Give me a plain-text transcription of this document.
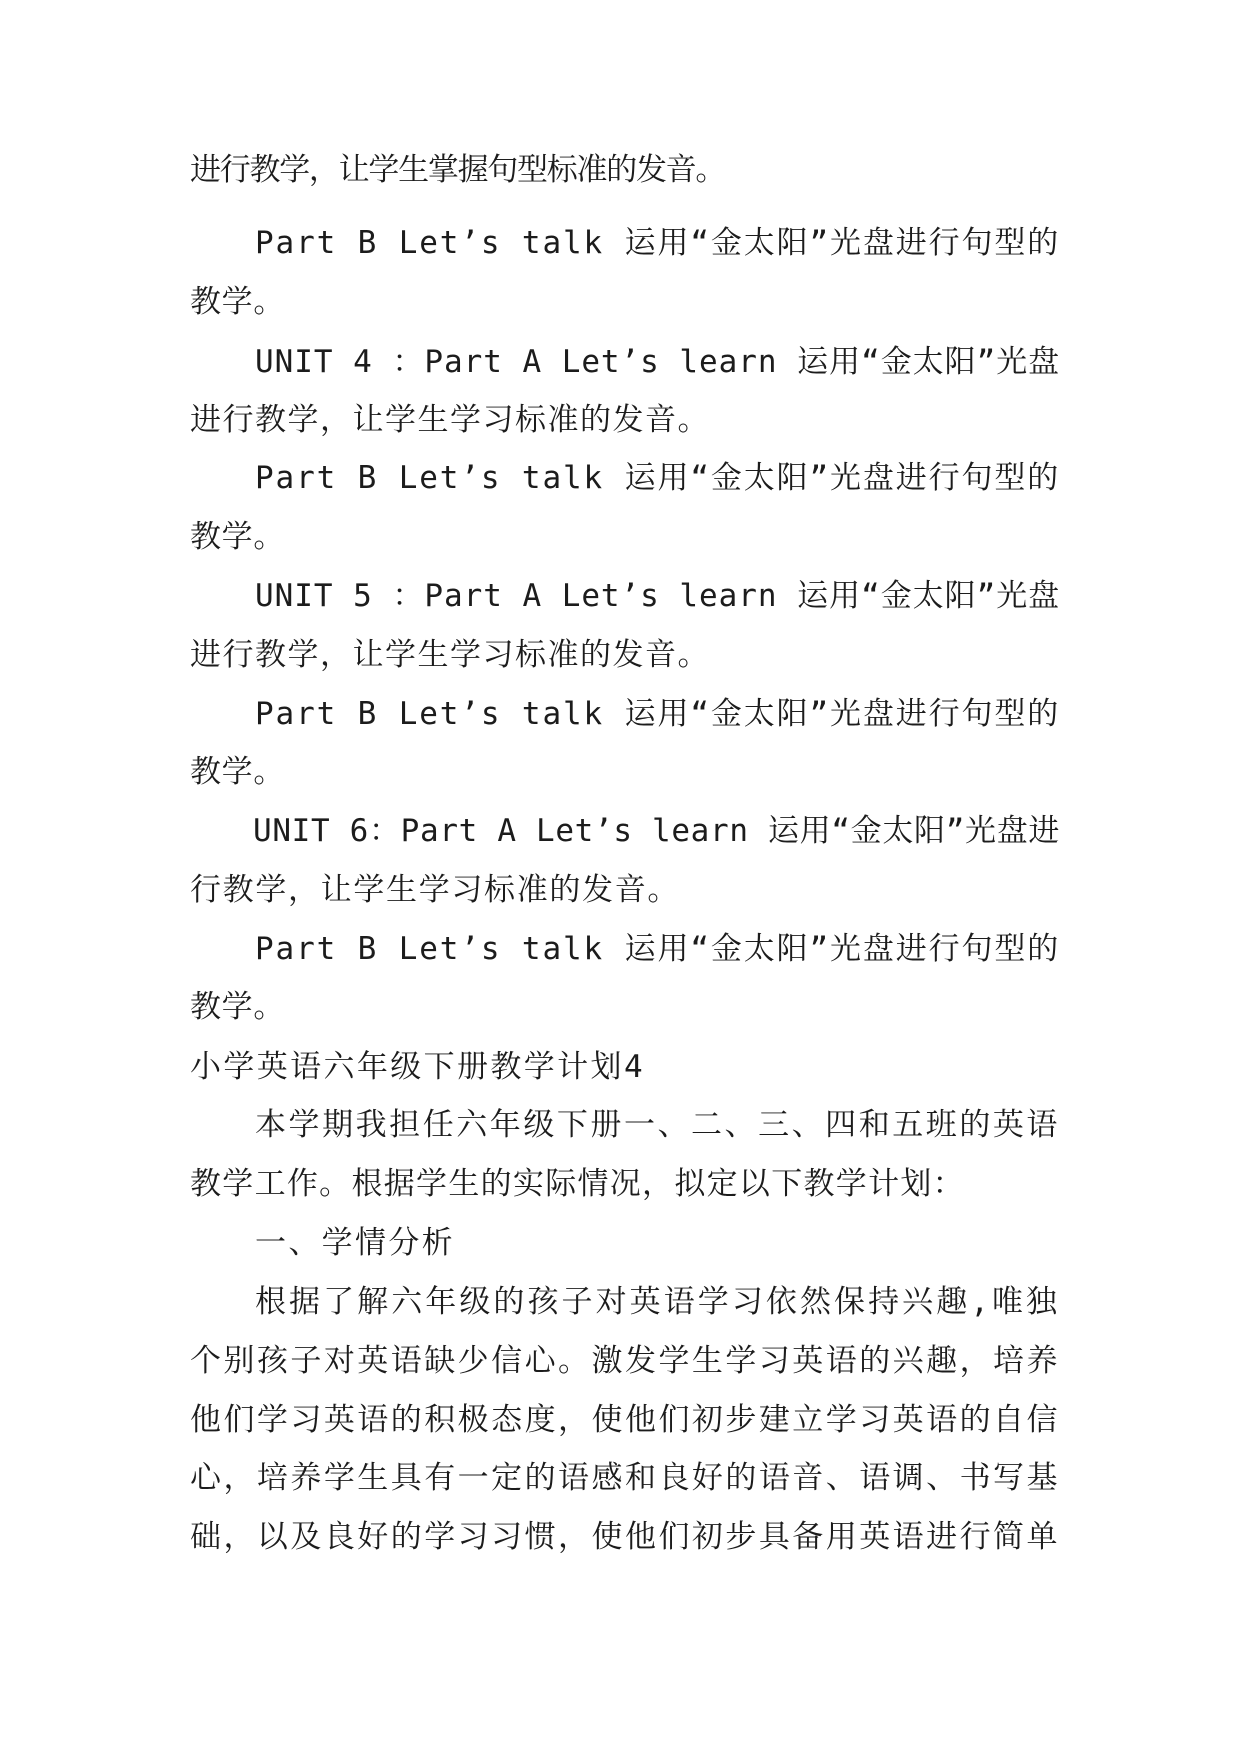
进行教学，让学生掌握句型标准的发音。

Part B Let’s talk 运用“金太阳”光盘进行句型的

教学。

UNIT 4 ：Part A Let’s learn 运用“金太阳”光盘

进行教学，让学生学习标准的发音。

Part B Let’s talk 运用“金太阳”光盘进行句型的

教学。

UNIT 5 ：Part A Let’s learn 运用“金太阳”光盘

进行教学，让学生学习标准的发音。

Part B Let’s talk 运用“金太阳”光盘进行句型的

教学。

UNIT 6：Part A Let’s learn 运用“金太阳”光盘进

行教学，让学生学习标准的发音。

Part B Let’s talk 运用“金太阳”光盘进行句型的

教学。

小学英语六年级下册教学计划4

本学期我担任六年级下册一、二、三、四和五班的英语

教学工作。根据学生的实际情况，拟定以下教学计划：

一、学情分析

根据了解六年级的孩子对英语学习依然保持兴趣,唯独

个别孩子对英语缺少信心。激发学生学习英语的兴趣，培养

他们学习英语的积极态度，使他们初步建立学习英语的自信

心，培养学生具有一定的语感和良好的语音、语调、书写基

础，以及良好的学习习惯，使他们初步具备用英语进行简单
